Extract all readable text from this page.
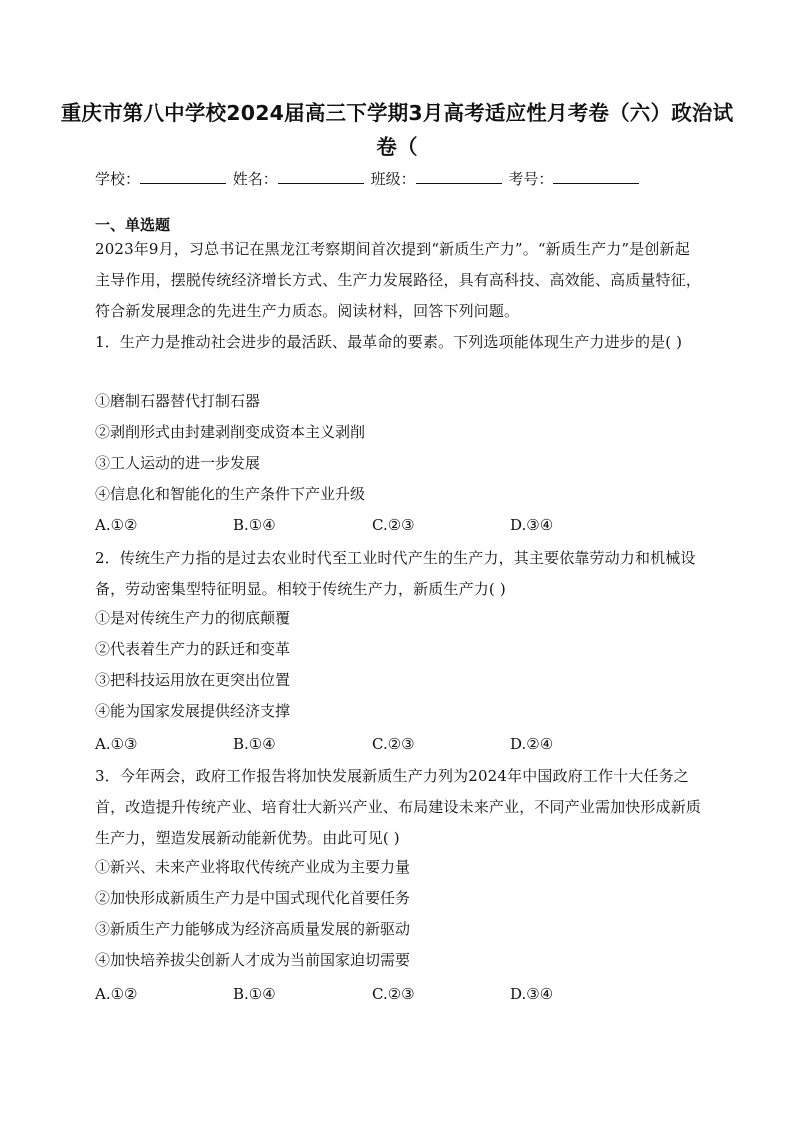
重庆市第八中学校2024届高三下学期3月高考适应性月考卷（六）政治试卷（
学校：	姓名：	班级：	考号：
一、单选题
2023年9月，习总书记在黑龙江考察期间首次提到“新质生产力”。“新质生产力”是创新起主导作用，摆脱传统经济增长方式、生产力发展路径，具有高科技、高效能、高质量特征，符合新发展理念的先进生产力质态。阅读材料，回答下列问题。
1．生产力是推动社会进步的最活跃、最革命的要素。下列选项能体现生产力进步的是( )
①磨制石器替代打制石器
②剥削形式由封建剥削变成资本主义剥削
③工人运动的进一步发展
④信息化和智能化的生产条件下产业升级
A.①②	B.①④	C.②③	D.③④
2．传统生产力指的是过去农业时代至工业时代产生的生产力，其主要依靠劳动力和机械设备，劳动密集型特征明显。相较于传统生产力，新质生产力( )
①是对传统生产力的彻底颠覆
②代表着生产力的跃迁和变革
③把科技运用放在更突出位置
④能为国家发展提供经济支撑
A.①③	B.①④	C.②③	D.②④
3．今年两会，政府工作报告将加快发展新质生产力列为2024年中国政府工作十大任务之首，改造提升传统产业、培育壮大新兴产业、布局建设未来产业，不同产业需加快形成新质生产力，塑造发展新动能新优势。由此可见( )
①新兴、未来产业将取代传统产业成为主要力量
②加快形成新质生产力是中国式现代化首要任务
③新质生产力能够成为经济高质量发展的新驱动
④加快培养拔尖创新人才成为当前国家迫切需要
A.①②	B.①④	C.②③	D.③④
